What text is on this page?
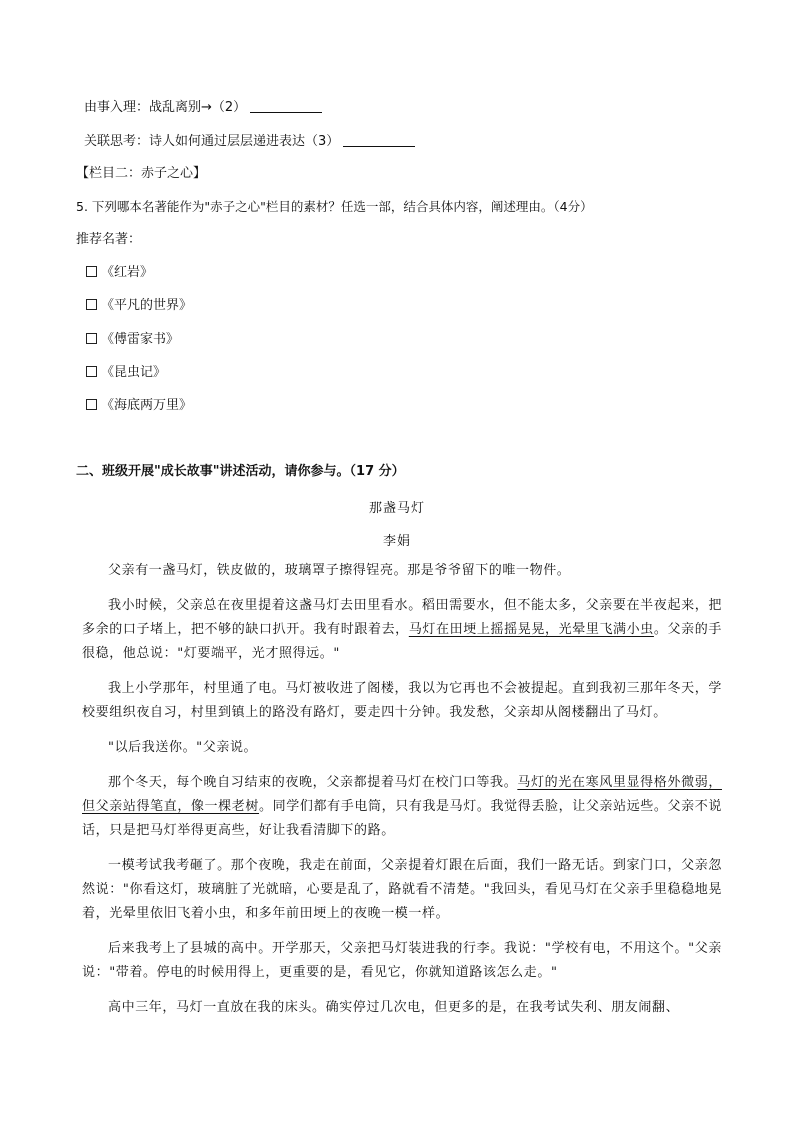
由事入理：战乱离别→（2）
关联思考：诗人如何通过层层递进表达（3）
【栏目二：赤子之心】
5. 下列哪本名著能作为"赤子之心"栏目的素材？任选一部，结合具体内容，阐述理由。（4分）
推荐名著：
《红岩》
《平凡的世界》
《傅雷家书》
《昆虫记》
《海底两万里》
二、班级开展"成长故事"讲述活动，请你参与。（17 分）
那盏马灯
李娟

父亲有一盏马灯，铁皮做的，玻璃罩子擦得锃亮。那是爷爷留下的唯一物件。

我小时候，父亲总在夜里提着这盏马灯去田里看水。稻田需要水，但不能太多，父亲要在半夜起来，把多余的口子堵上，把不够的缺口扒开。我有时跟着去，马灯在田埂上摇摇晃晃，光晕里飞满小虫。父亲的手很稳，他总说："灯要端平，光才照得远。"

我上小学那年，村里通了电。马灯被收进了阁楼，我以为它再也不会被提起。直到我初三那年冬天，学校要组织夜自习，村里到镇上的路没有路灯，要走四十分钟。我发愁，父亲却从阁楼翻出了马灯。

"以后我送你。"父亲说。

那个冬天，每个晚自习结束的夜晚，父亲都提着马灯在校门口等我。马灯的光在寒风里显得格外微弱，但父亲站得笔直，像一棵老树。同学们都有手电筒，只有我是马灯。我觉得丢脸，让父亲站远些。父亲不说话，只是把马灯举得更高些，好让我看清脚下的路。

一模考试我考砸了。那个夜晚，我走在前面，父亲提着灯跟在后面，我们一路无话。到家门口，父亲忽然说："你看这灯，玻璃脏了光就暗，心要是乱了，路就看不清楚。"我回头，看见马灯在父亲手里稳稳地晃着，光晕里依旧飞着小虫，和多年前田埂上的夜晚一模一样。

后来我考上了县城的高中。开学那天，父亲把马灯装进我的行李。我说："学校有电，不用这个。"父亲说："带着。停电的时候用得上，更重要的是，看见它，你就知道路该怎么走。"

高中三年，马灯一直放在我的床头。确实停过几次电，但更多的是，在我考试失利、朋友闹翻、
